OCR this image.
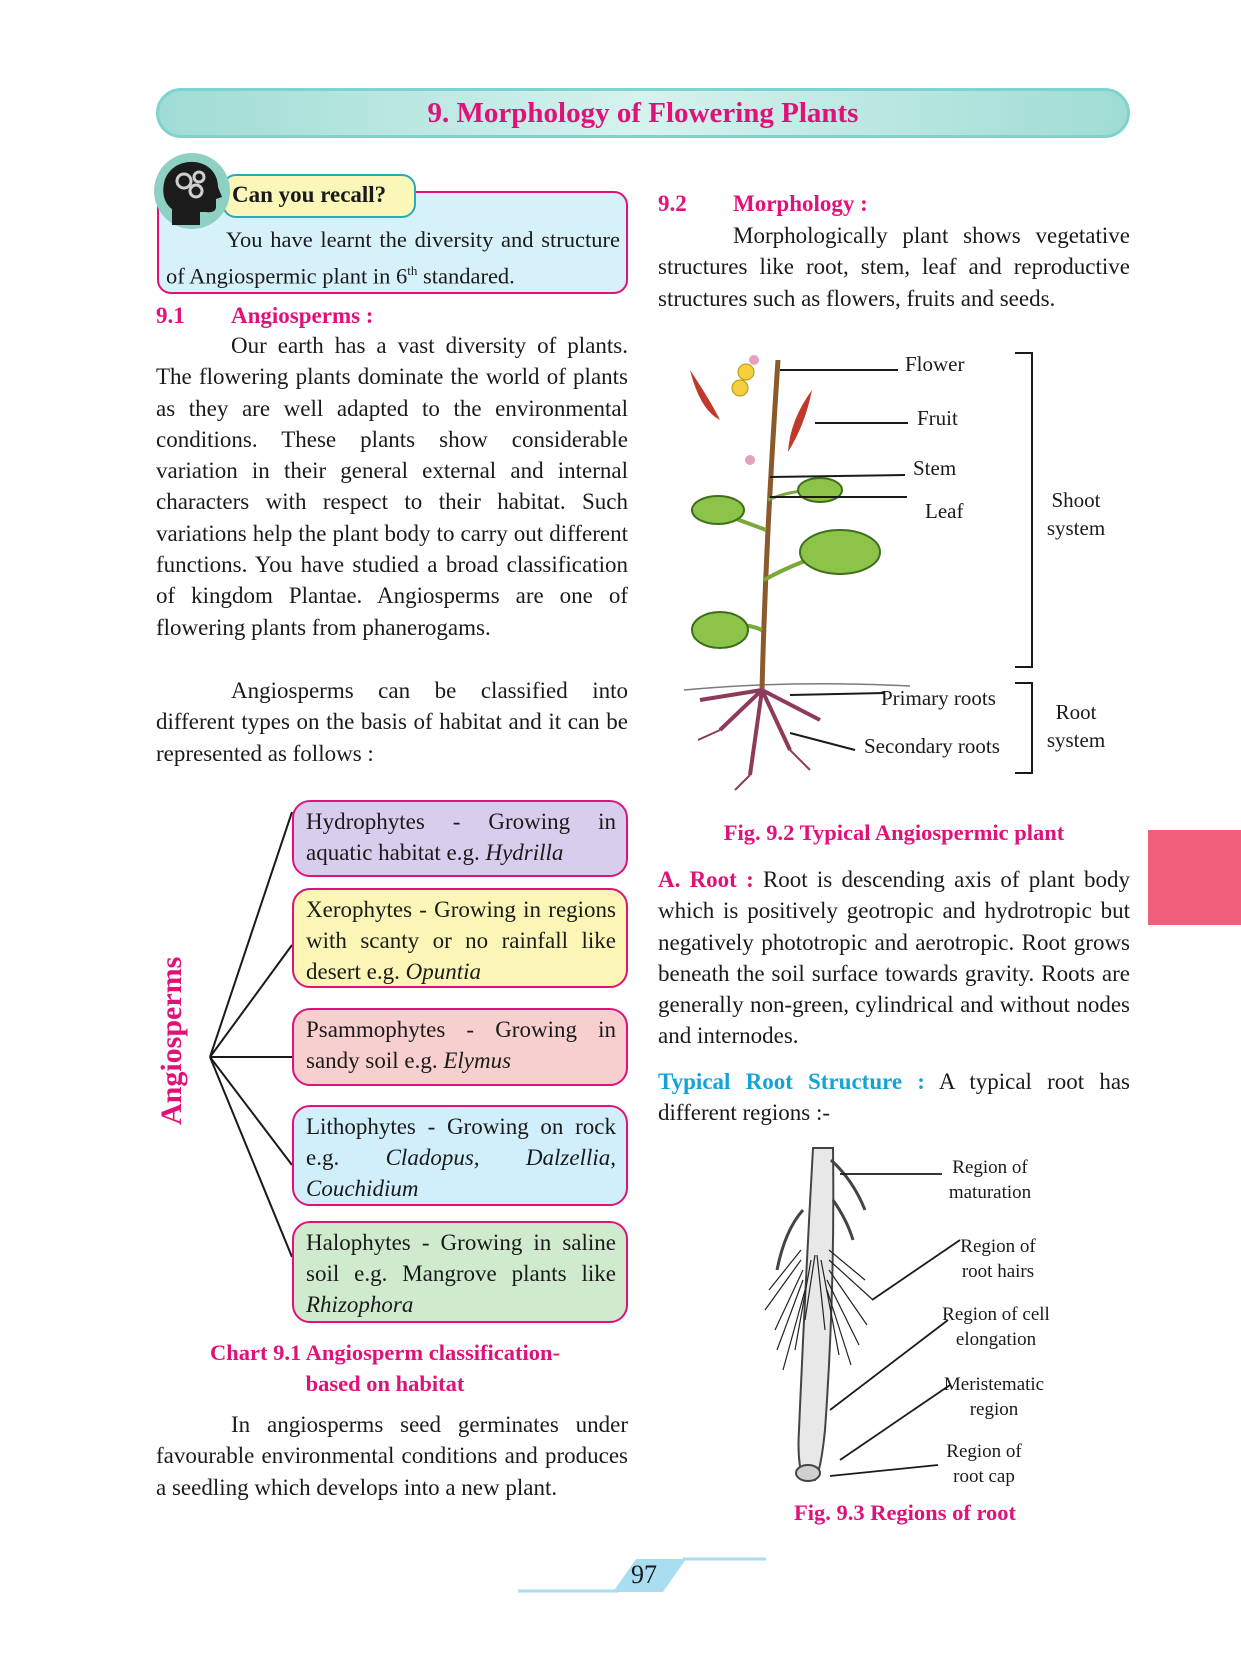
9. Morphology of Flowering Plants
Can you recall?
You have learnt the diversity and structure of Angiospermic plant in 6th standared.
9.1 Angiosperms :
Our earth has a vast diversity of plants. The flowering plants dominate the world of plants as they are well adapted to the environmental conditions. These plants show considerable variation in their general external and internal characters with respect to their habitat. Such variations help the plant body to carry out different functions. You have studied a broad classification of kingdom Plantae. Angiosperms are one of flowering plants from phanerogams.
Angiosperms can be classified into different types on the basis of habitat and it can be represented as follows :
Angiosperms
Hydrophytes - Growing in aquatic habitat e.g. Hydrilla
Xerophytes - Growing in regions with scanty or no rainfall like desert e.g. Opuntia
Psammophytes - Growing in sandy soil e.g. Elymus
Lithophytes - Growing on rock e.g. Cladopus, Dalzellia, Couchidium
Halophytes - Growing in saline soil e.g. Mangrove plants like Rhizophora
Chart 9.1 Angiosperm classification-
based on habitat
In angiosperms seed germinates under favourable environmental conditions and produces a seedling which develops into a new plant.
9.2 Morphology :
Morphologically plant shows vegetative structures like root, stem, leaf and reproductive structures such as flowers, fruits and seeds.
Flower
Fruit
Stem
Leaf
Primary roots
Secondary roots
Shoot
system
Root
system
Fig. 9.2 Typical Angiospermic plant
A. Root : Root is descending axis of plant body which is positively geotropic and hydrotropic but negatively phototropic and aerotropic. Root grows beneath the soil surface towards gravity. Roots are generally non-green, cylindrical and without nodes and internodes.
Typical Root Structure : A typical root has different regions :-
Region of
maturation
Region of
root hairs
Region of cell
elongation
Meristematic
region
Region of
root cap
Fig. 9.3 Regions of root
97
